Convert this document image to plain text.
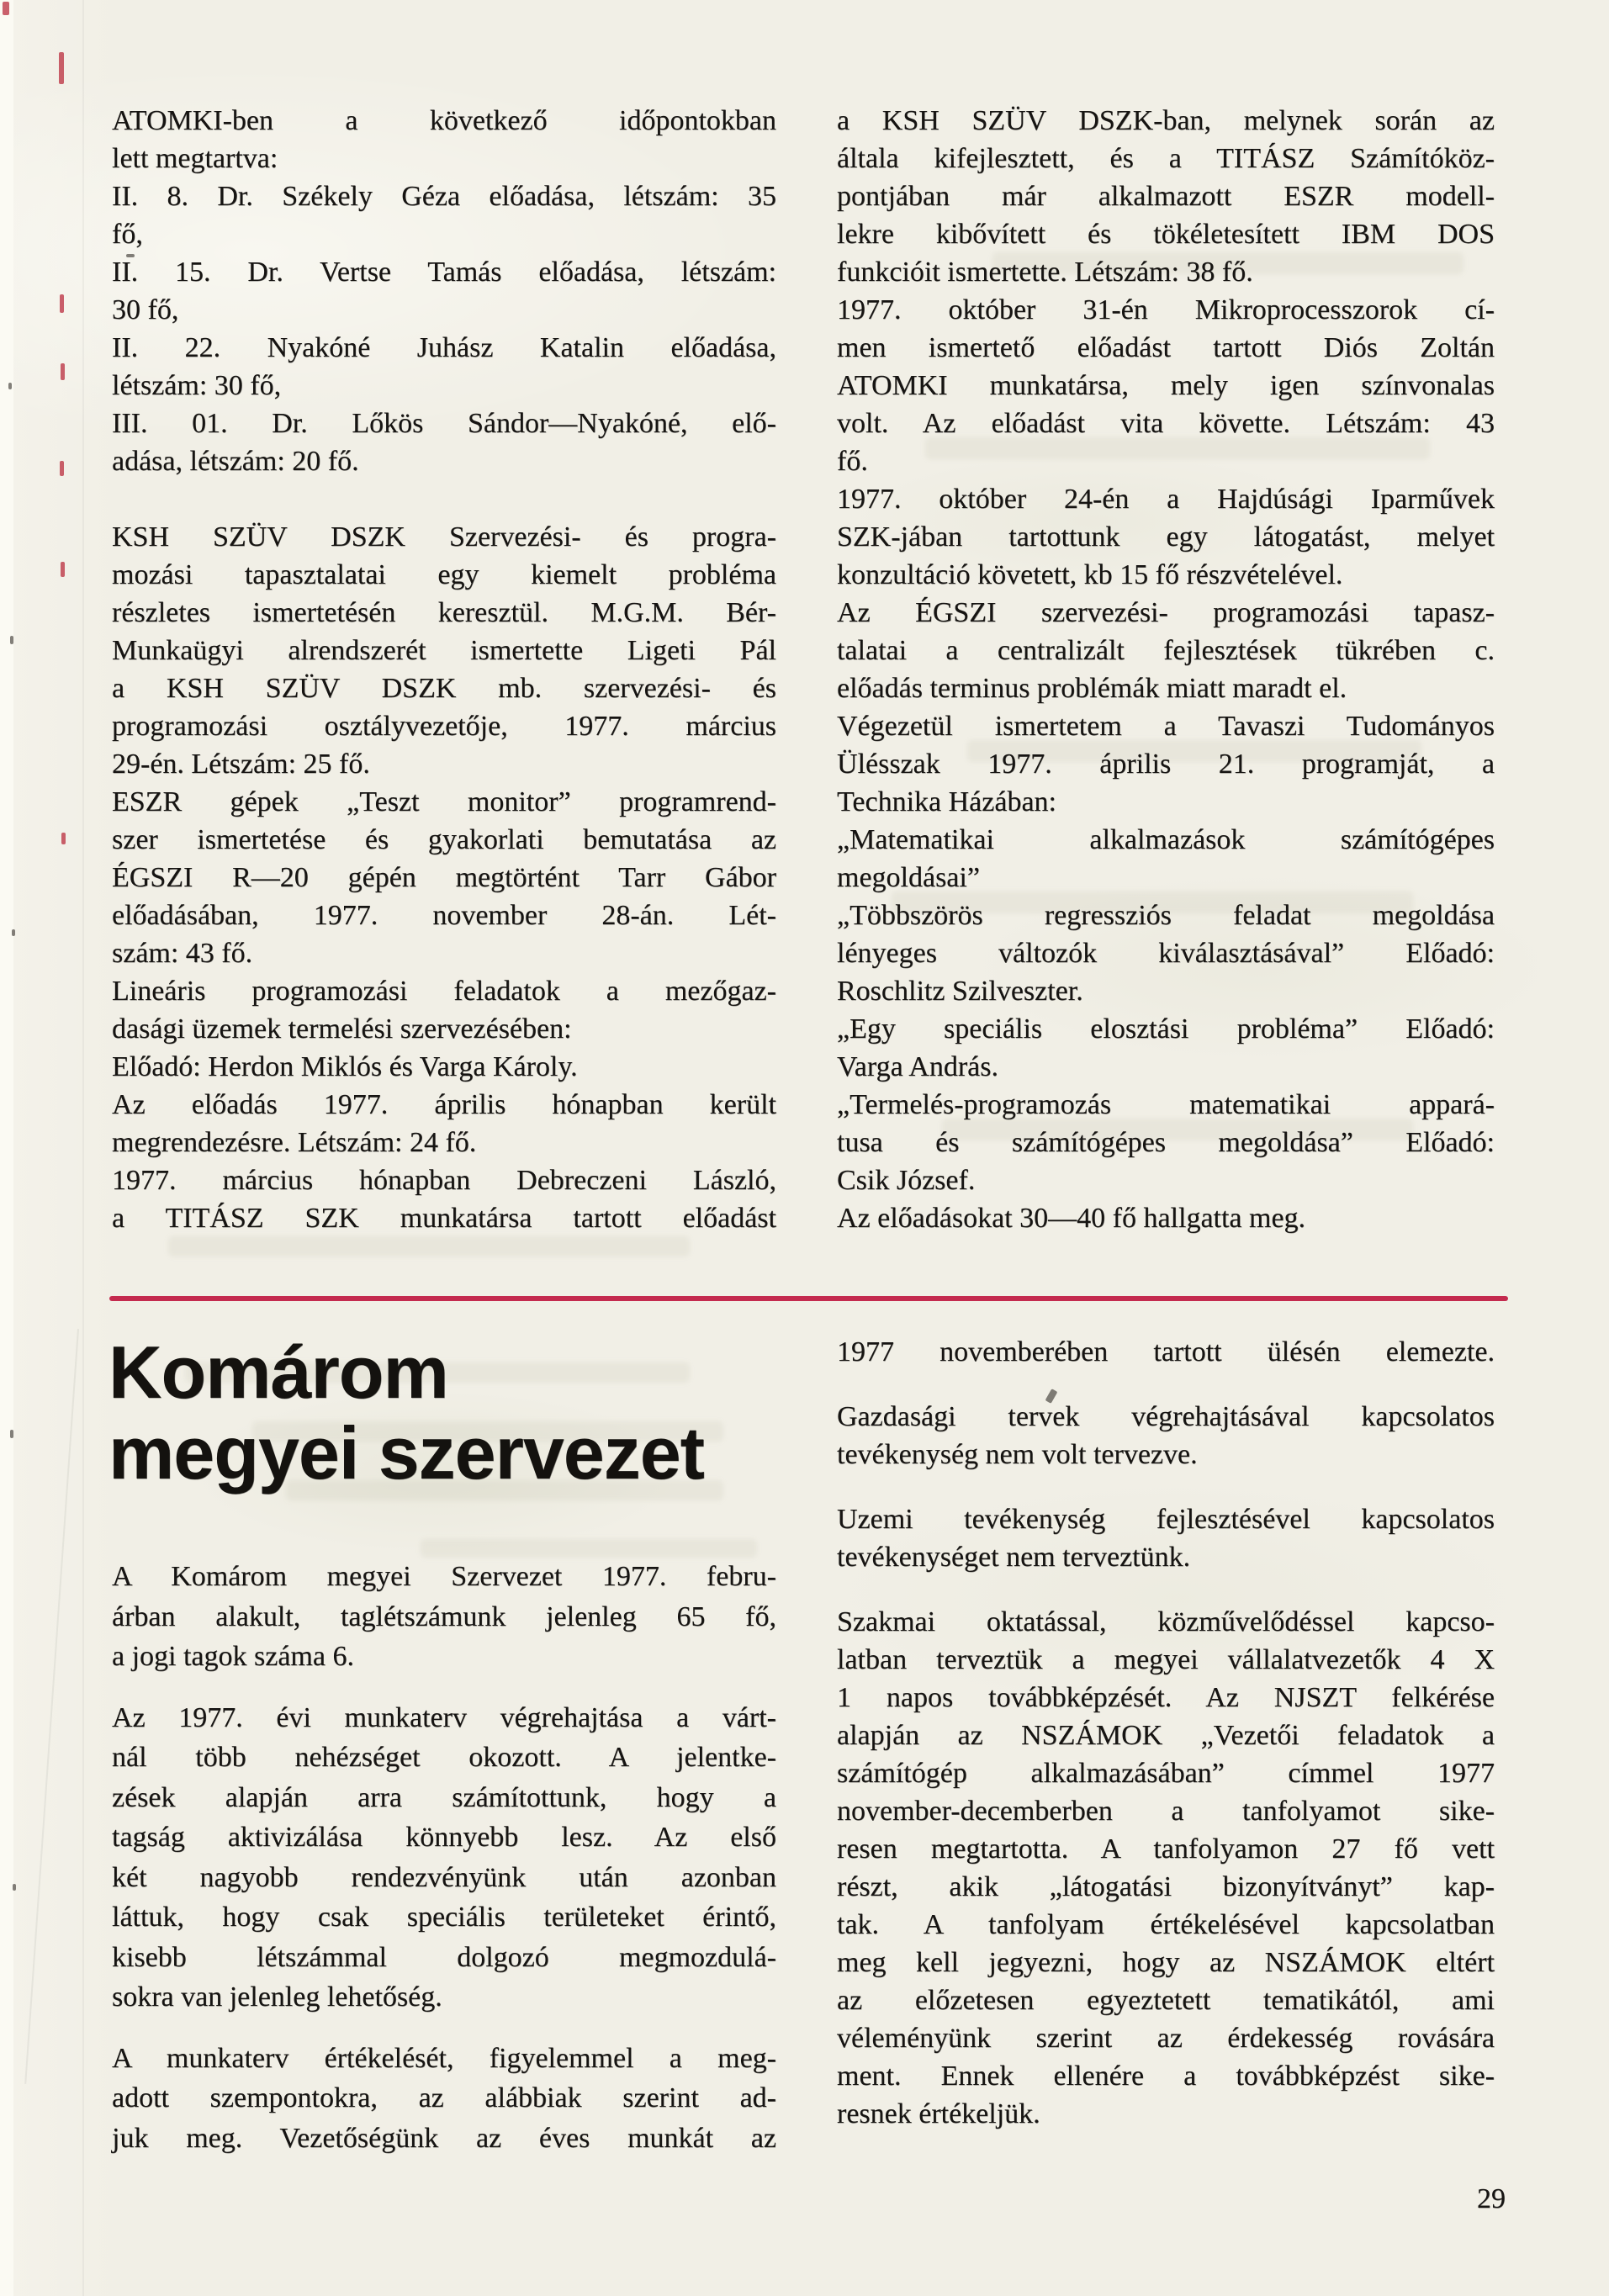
ATOMKI-ben a következő időpontokban
lett megtartva:
II. 8. Dr. Székely Géza előadása, létszám: 35
fő,
II. 15. Dr. Vertse Tamás előadása, létszám:
30 fő,
II. 22. Nyakóné Juhász Katalin előadása,
létszám: 30 fő,
III. 01. Dr. Lőkös Sándor—Nyakóné, elő-
adása, létszám: 20 fő.
KSH SZÜV DSZK Szervezési- és progra-
mozási tapasztalatai egy kiemelt probléma
részletes ismertetésén keresztül. M.G.M. Bér-
Munkaügyi alrendszerét ismertette Ligeti Pál
a KSH SZÜV DSZK mb. szervezési- és
programozási osztályvezetője, 1977. március
29-én. Létszám: 25 fő.
ESZR gépek „Teszt monitor” programrend-
szer ismertetése és gyakorlati bemutatása az
ÉGSZI R—20 gépén megtörtént Tarr Gábor
előadásában, 1977. november 28-án. Lét-
szám: 43 fő.
Lineáris programozási feladatok a mezőgaz-
dasági üzemek termelési szervezésében:
Előadó: Herdon Miklós és Varga Károly.
Az előadás 1977. április hónapban került
megrendezésre. Létszám: 24 fő.
1977. március hónapban Debreczeni László,
a TITÁSZ SZK munkatársa tartott előadást
a KSH SZÜV DSZK-ban, melynek során az
általa kifejlesztett, és a TITÁSZ Számítóköz-
pontjában már alkalmazott ESZR modell-
lekre kibővített és tökéletesített IBM DOS
funkcióit ismertette. Létszám: 38 fő.
1977. október 31-én Mikroprocesszorok cí-
men ismertető előadást tartott Diós Zoltán
ATOMKI munkatársa, mely igen színvonalas
volt. Az előadást vita követte. Létszám: 43
fő.
1977. október 24-én a Hajdúsági Iparművek
SZK-jában tartottunk egy látogatást, melyet
konzultáció követett, kb 15 fő részvételével.
Az ÉGSZI szervezési- programozási tapasz-
talatai a centralizált fejlesztések tükrében c.
előadás terminus problémák miatt maradt el.
Végezetül ismertetem a Tavaszi Tudományos
Ülésszak 1977. április 21. programját, a
Technika Házában:
„Matematikai alkalmazások számítógépes
megoldásai”
„Többszörös regressziós feladat megoldása
lényeges változók kiválasztásával” Előadó:
Roschlitz Szilveszter.
„Egy speciális elosztási probléma” Előadó:
Varga András.
„Termelés-programozás matematikai appará-
tusa és számítógépes megoldása” Előadó:
Csik József.
Az előadásokat 30—40 fő hallgatta meg.
Komárom
megyei szervezet
A Komárom megyei Szervezet 1977. febru-
árban alakult, taglétszámunk jelenleg 65 fő,
a jogi tagok száma 6.
Az 1977. évi munkaterv végrehajtása a várt-
nál több nehézséget okozott. A jelentke-
zések alapján arra számítottunk, hogy a
tagság aktivizálása könnyebb lesz. Az első
két nagyobb rendezvényünk után azonban
láttuk, hogy csak speciális területeket érintő,
kisebb létszámmal dolgozó megmozdulá-
sokra van jelenleg lehetőség.
A munkaterv értékelését, figyelemmel a meg-
adott szempontokra, az alábbiak szerint ad-
juk meg. Vezetőségünk az éves munkát az
1977 novemberében tartott ülésén elemezte.
Gazdasági tervek végrehajtásával kapcsolatos
tevékenység nem volt tervezve.
Uzemi tevékenység fejlesztésével kapcsolatos
tevékenységet nem terveztünk.
Szakmai oktatással, közművelődéssel kapcso-
latban terveztük a megyei vállalatvezetők 4 X
1 napos továbbképzését. Az NJSZT felkérése
alapján az NSZÁMOK „Vezetői feladatok a
számítógép alkalmazásában” címmel 1977
november-decemberben a tanfolyamot sike-
resen megtartotta. A tanfolyamon 27 fő vett
részt, akik „látogatási bizonyítványt” kap-
tak. A tanfolyam értékelésével kapcsolatban
meg kell jegyezni, hogy az NSZÁMOK eltért
az előzetesen egyeztetett tematikától, ami
véleményünk szerint az érdekesség rovására
ment. Ennek ellenére a továbbképzést sike-
resnek értékeljük.
29
